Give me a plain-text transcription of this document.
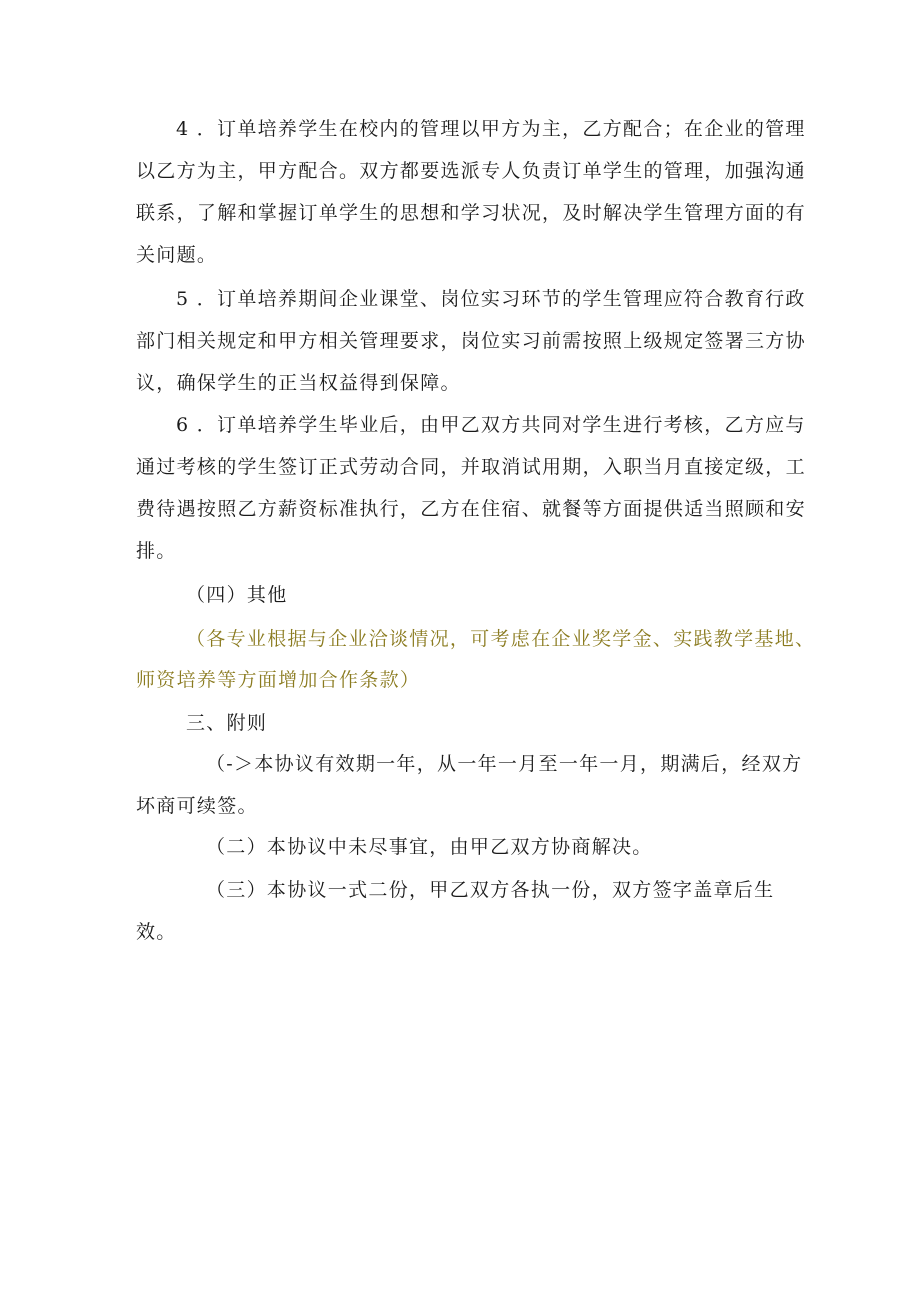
4 ．订单培养学生在校内的管理以甲方为主，乙方配合；在企业的管理
以乙方为主，甲方配合。双方都要选派专人负责订单学生的管理，加强沟通
联系，了解和掌握订单学生的思想和学习状况，及时解决学生管理方面的有
关问题。
5 ．订单培养期间企业课堂、岗位实习环节的学生管理应符合教育行政
部门相关规定和甲方相关管理要求，岗位实习前需按照上级规定签署三方协
议，确保学生的正当权益得到保障。
6 ．订单培养学生毕业后，由甲乙双方共同对学生进行考核，乙方应与
通过考核的学生签订正式劳动合同，并取消试用期，入职当月直接定级，工
费待遇按照乙方薪资标准执行，乙方在住宿、就餐等方面提供适当照顾和安
排。
（四）其他
（各专业根据与企业洽谈情况，可考虑在企业奖学金、实践教学基地、
师资培养等方面增加合作条款）
三、附则
（-＞本协议有效期一年，从一年一月至一年一月，期满后，经双方
坏商可续签。
（二）本协议中未尽事宜，由甲乙双方协商解决。
（三）本协议一式二份，甲乙双方各执一份，双方签字盖章后生
效。
